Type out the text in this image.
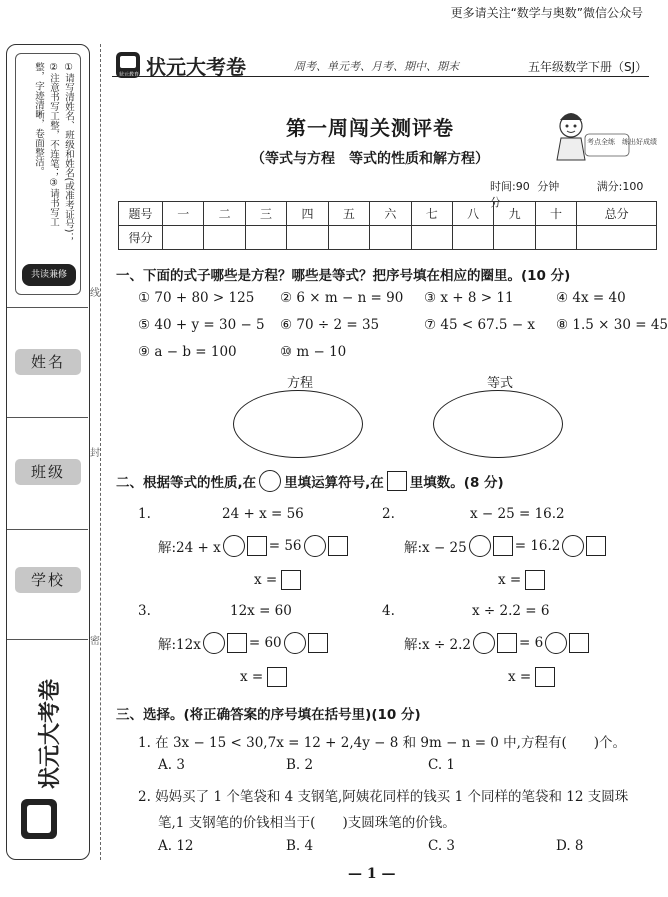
更多请关注“数学与奥数”微信公众号
①请写清姓名、班级和姓名(或准考证号)；②注意书写工整，不连笔；③请书写工整，字迹清晰，卷面整洁。
共读兼修
姓名
班级
学校
状元大考卷
线
封
密
状元教育 状元大考卷	周考、单元考、月考、期中、期末	五年级数学下册（SJ）
第一周闯关测评卷
（等式与方程　等式的性质和解方程）
考点全练　练出好成绩
时间:90 分钟	满分:100 分
题号	一	二	三	四	五	六	七	八	九	十	总分
得分											
一、下面的式子哪些是方程？哪些是等式？把序号填在相应的圈里。(10 分)
① 70 + 80 > 125 ② 6 × m − n = 90 ③ x + 8 > 11	④ 4x = 40
⑤ 40 + y = 30 − 5 ⑥ 70 ÷ 2 = 35	⑦ 45 < 67.5 − x ⑧ 1.5 × 30 = 45
⑨ a − b = 100	⑩ m − 10
方程	等式
二、根据等式的性质,在 里填运算符号,在 里填数。(8 分)
1.	24 + x = 56
解:24 + x	= 56
x =
2.	x − 25 = 16.2
解:x − 25	= 16.2
x =
3.	12x = 60
解:12x	= 60
x =
4.	x ÷ 2.2 = 6
解:x ÷ 2.2	= 6
x =
三、选择。(将正确答案的序号填在括号里)(10 分)
1. 在 3x − 15 < 30,7x = 12 + 2,4y − 8 和 9m − n = 0 中,方程有(　　)个。
A. 3	B. 2	C. 1
2. 妈妈买了 1 个笔袋和 4 支钢笔,阿姨花同样的钱买 1 个同样的笔袋和 12 支圆珠
笔,1 支钢笔的价钱相当于(　　)支圆珠笔的价钱。
A. 12	B. 4	C. 3	D. 8
— 1 —
